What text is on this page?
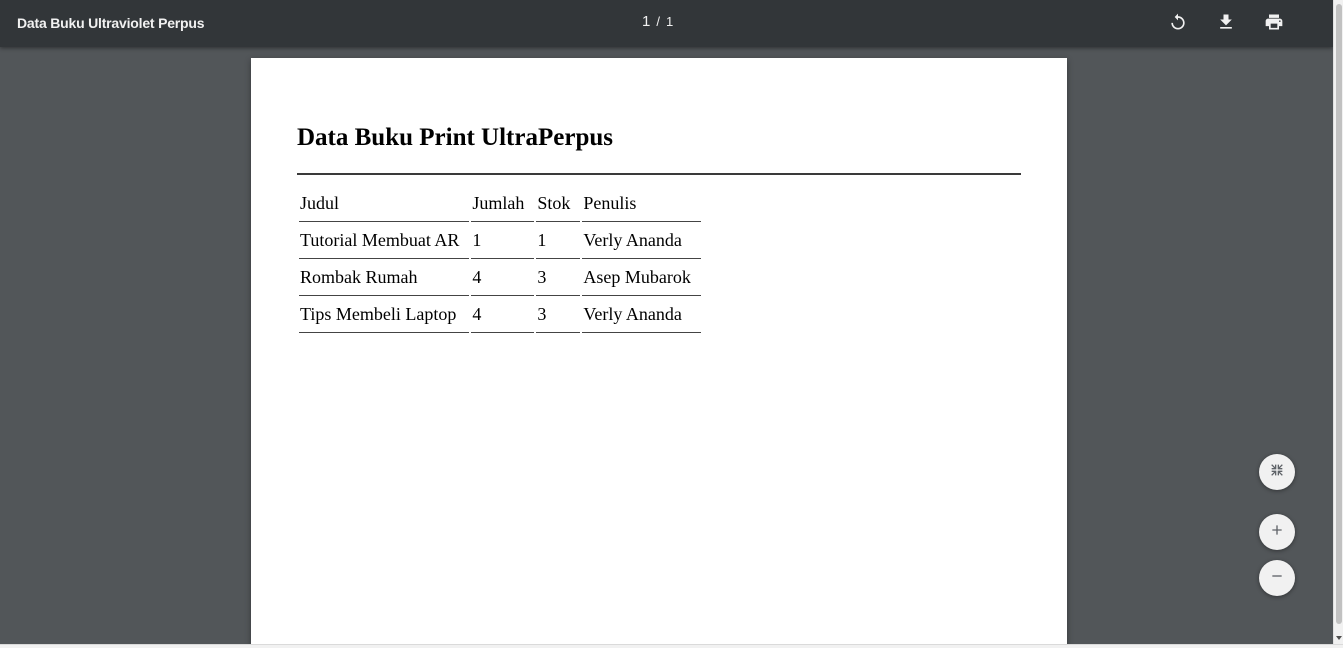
Data Buku Ultraviolet Perpus	1 / 1
Data Buku Print UltraPerpus
Judul	Jumlah	Stok	Penulis
Tutorial Membuat AR	1	1	Verly Ananda
Rombak Rumah	4	3	Asep Mubarok
Tips Membeli Laptop	4	3	Verly Ananda
